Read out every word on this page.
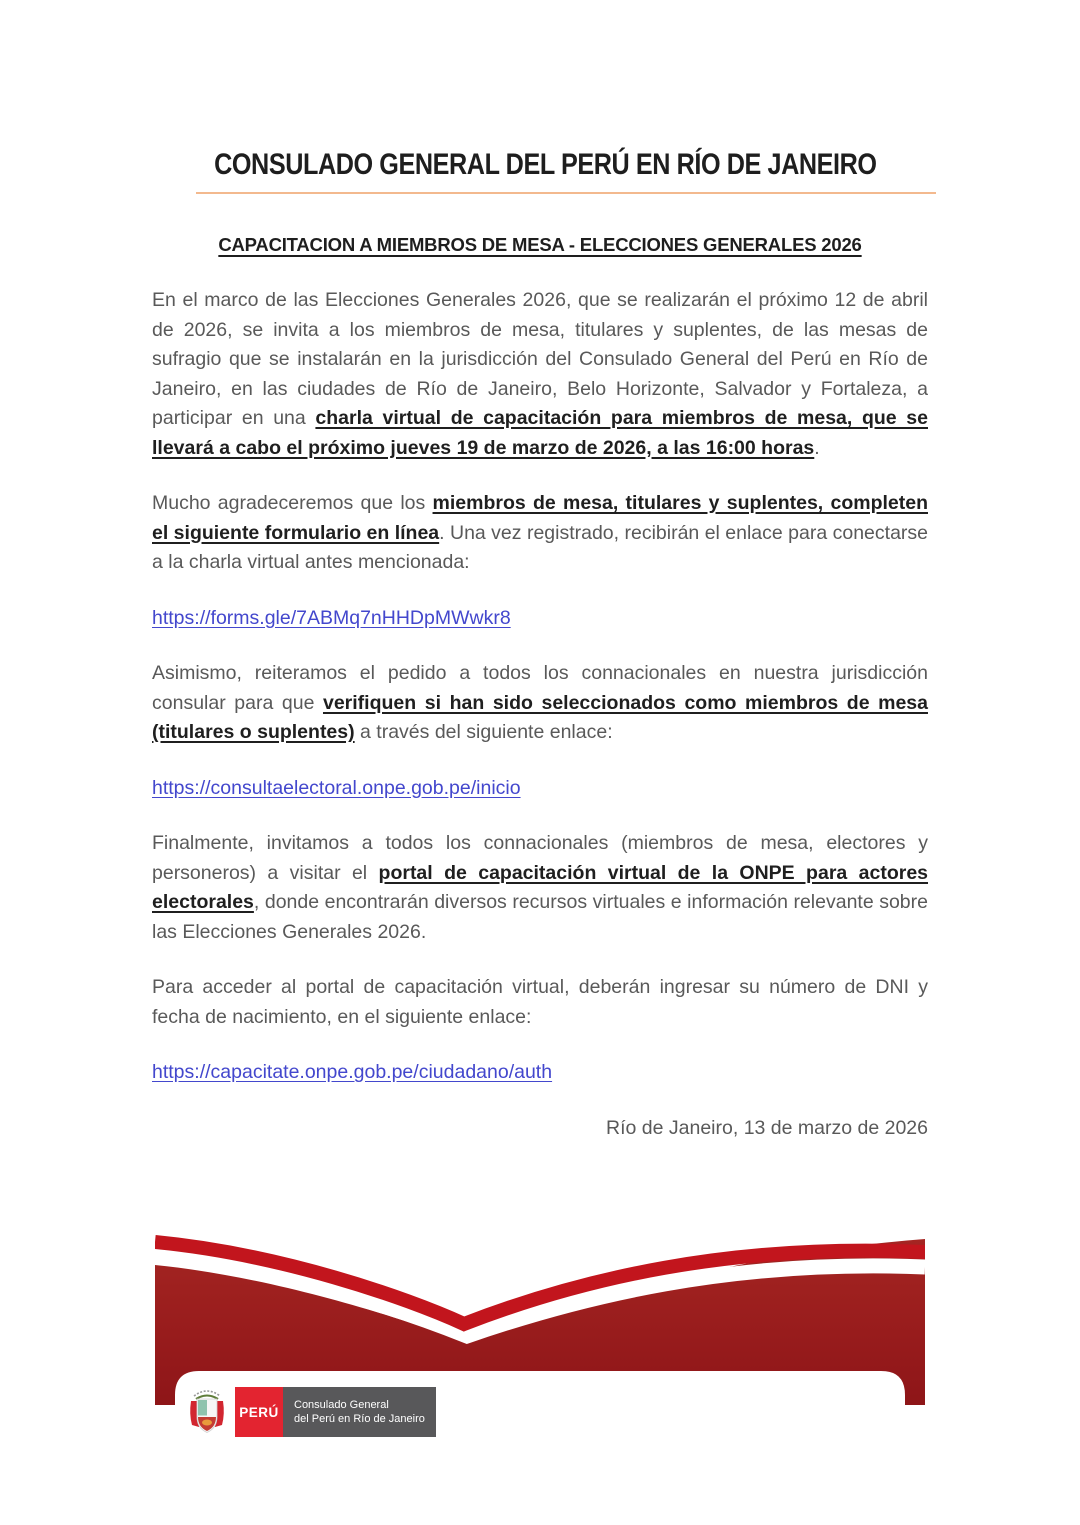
CONSULADO GENERAL DEL PERÚ EN RÍO DE JANEIRO
CAPACITACION A MIEMBROS DE MESA - ELECCIONES GENERALES 2026

En el marco de las Elecciones Generales 2026, que se realizarán el próximo 12 de abril de 2026, se invita a los miembros de mesa, titulares y suplentes, de las mesas de sufragio que se instalarán en la jurisdicción del Consulado General del Perú en Río de Janeiro, en las ciudades de Río de Janeiro, Belo Horizonte, Salvador y Fortaleza, a participar en una charla virtual de capacitación para miembros de mesa, que se llevará a cabo el próximo jueves 19 de marzo de 2026, a las 16:00 horas.

Mucho agradeceremos que los miembros de mesa, titulares y suplentes, completen el siguiente formulario en línea. Una vez registrado, recibirán el enlace para conectarse a la charla virtual antes mencionada:

https://forms.gle/7ABMq7nHHDpMWwkr8

Asimismo, reiteramos el pedido a todos los connacionales en nuestra jurisdicción consular para que verifiquen si han sido seleccionados como miembros de mesa (titulares o suplentes) a través del siguiente enlace:

https://consultaelectoral.onpe.gob.pe/inicio

Finalmente, invitamos a todos los connacionales (miembros de mesa, electores y personeros) a visitar el portal de capacitación virtual de la ONPE para actores electorales, donde encontrarán diversos recursos virtuales e información relevante sobre las Elecciones Generales 2026.

Para acceder al portal de capacitación virtual, deberán ingresar su número de DNI y fecha de nacimiento, en el siguiente enlace:

https://capacitate.onpe.gob.pe/ciudadano/auth

Río de Janeiro, 13 de marzo de 2026

PERÚ Consulado General
del Perú en Río de Janeiro
